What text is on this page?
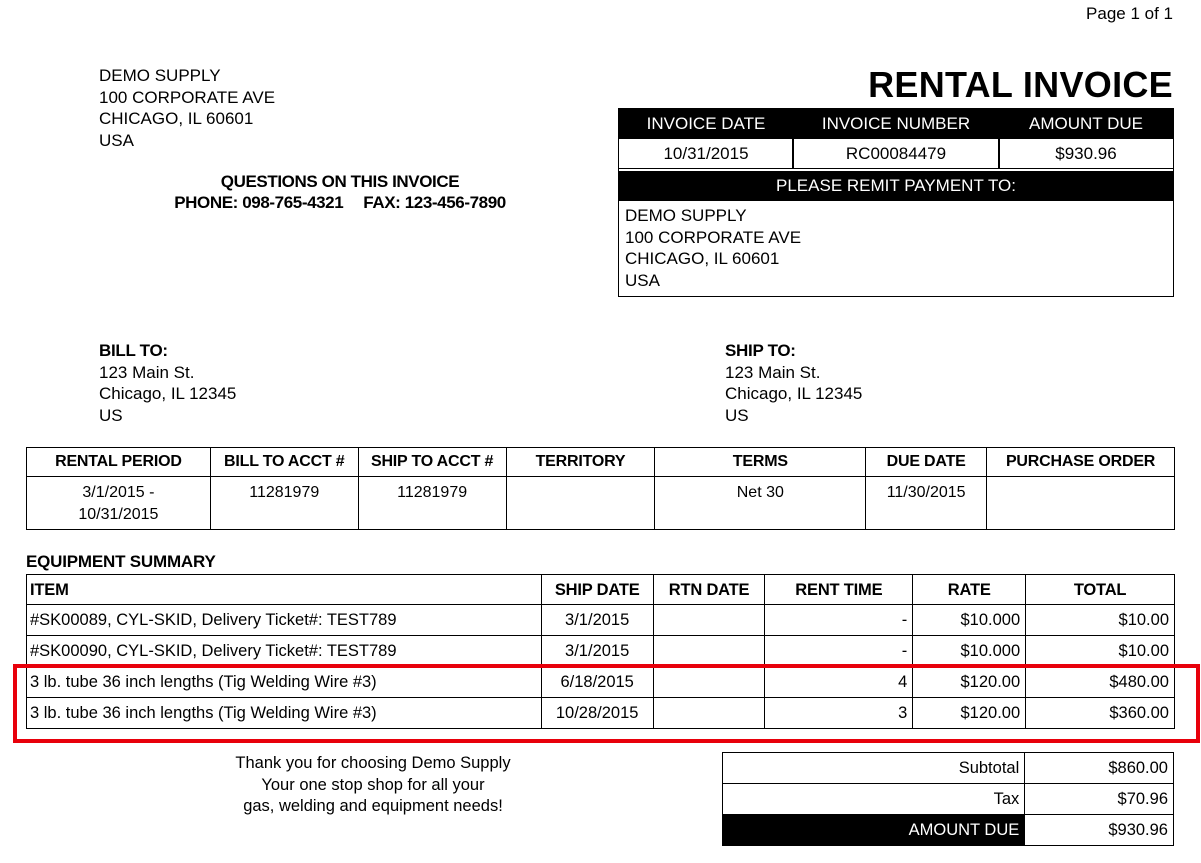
Page 1 of 1
DEMO SUPPLY
100 CORPORATE AVE
CHICAGO, IL 60601
USA
QUESTIONS ON THIS INVOICE
PHONE: 098-765-4321 FAX: 123-456-7890
RENTAL INVOICE
INVOICE DATE	INVOICE NUMBER	AMOUNT DUE
10/31/2015	RC00084479	$930.96
PLEASE REMIT PAYMENT TO:
DEMO SUPPLY
100 CORPORATE AVE
CHICAGO, IL 60601
USA
BILL TO:
123 Main St.
Chicago, IL 12345
US
SHIP TO:
123 Main St.
Chicago, IL 12345
US
RENTAL PERIOD	BILL TO ACCT #	SHIP TO ACCT #	TERRITORY	TERMS	DUE DATE	PURCHASE ORDER

3/1/2015 -
10/31/2015	11281979	11281979		Net 30	11/30/2015	
EQUIPMENT SUMMARY
ITEM	SHIP DATE	RTN DATE	RENT TIME	RATE	TOTAL
#SK00089, CYL-SKID, Delivery Ticket#: TEST789	3/1/2015		-	$10.000	$10.00
#SK00090, CYL-SKID, Delivery Ticket#: TEST789	3/1/2015		-	$10.000	$10.00
3 lb. tube 36 inch lengths (Tig Welding Wire #3)	6/18/2015		4	$120.00	$480.00
3 lb. tube 36 inch lengths (Tig Welding Wire #3)	10/28/2015		3	$120.00	$360.00
Thank you for choosing Demo Supply
Your one stop shop for all your
gas, welding and equipment needs!
Subtotal	$860.00
Tax	$70.96
AMOUNT DUE	$930.96
